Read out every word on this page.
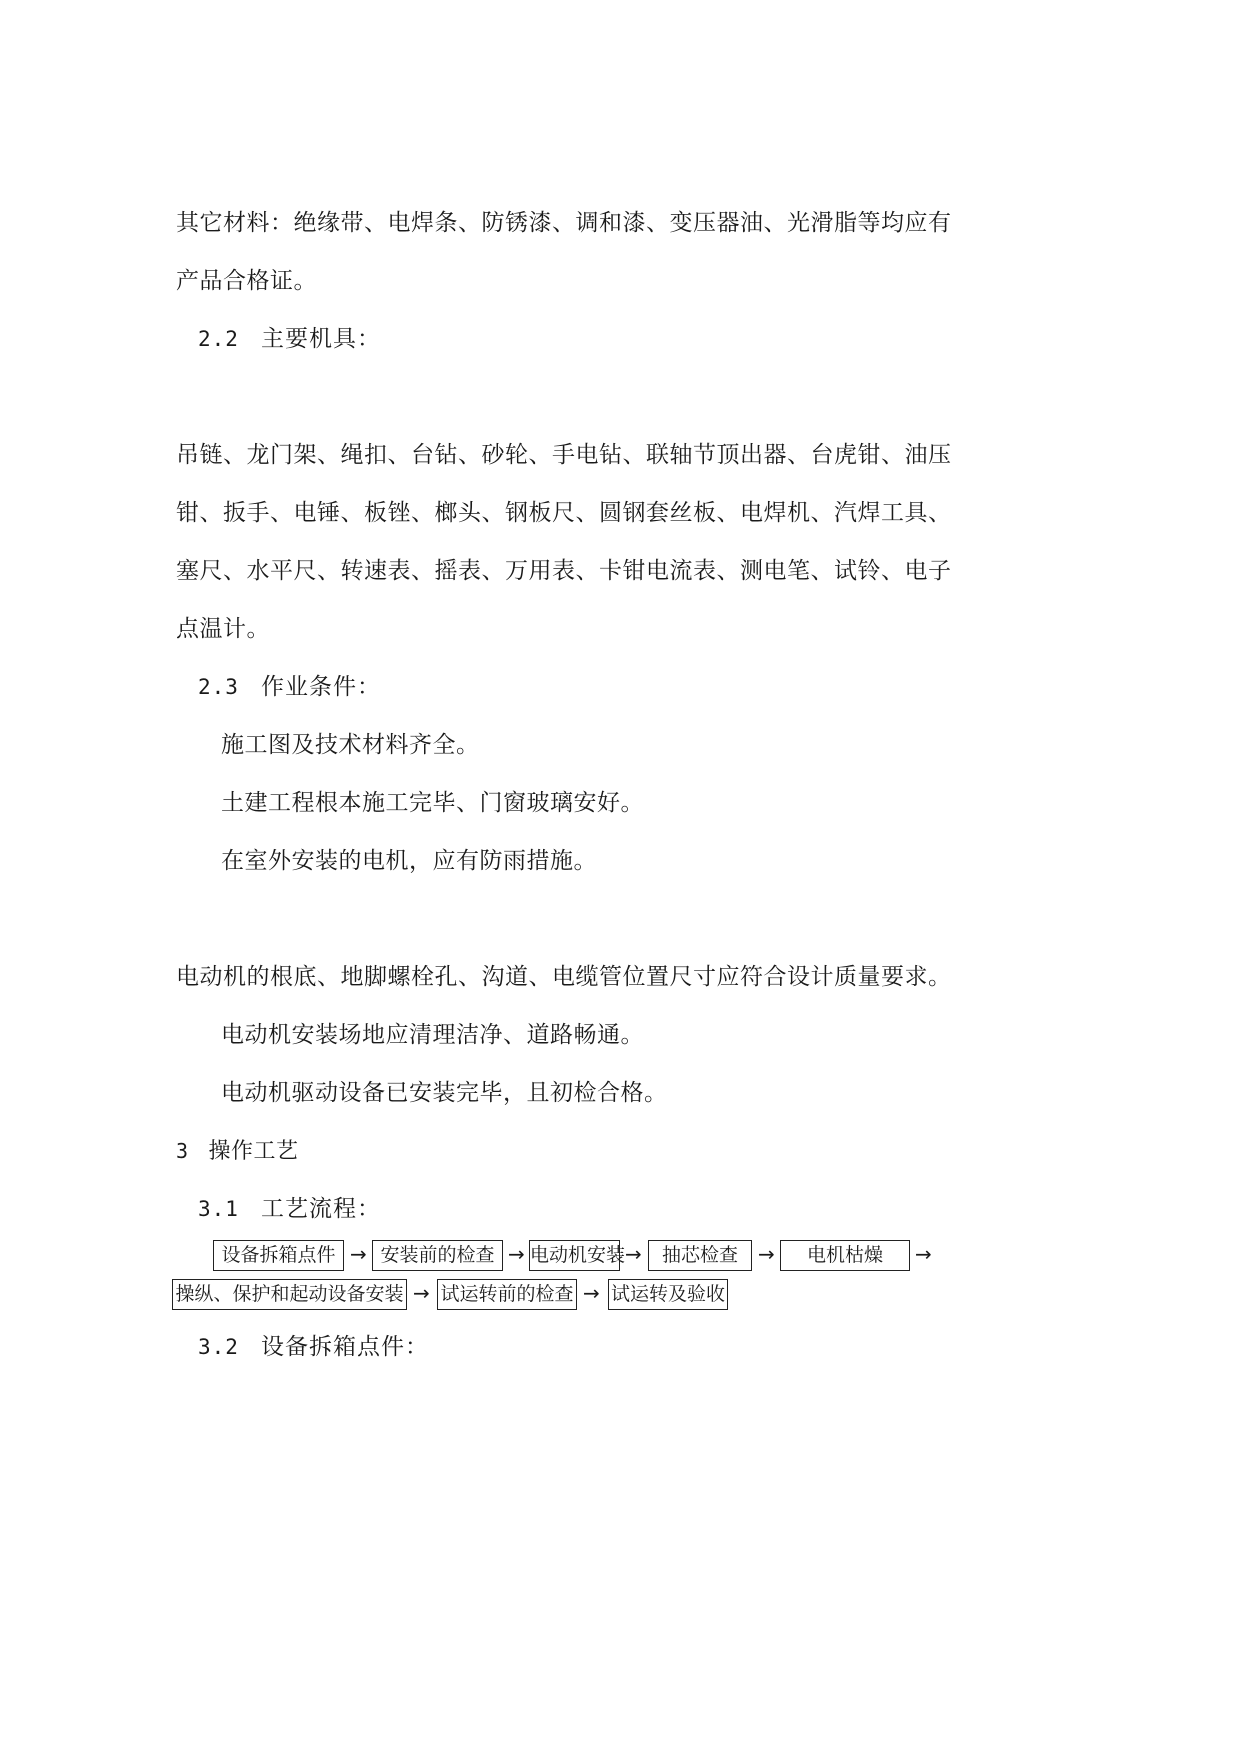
其它材料：绝缘带、电焊条、防锈漆、调和漆、变压器油、光滑脂等均应有
产品合格证。
2.2 主要机具：
吊链、龙门架、绳扣、台钻、砂轮、手电钻、联轴节顶出器、台虎钳、油压
钳、扳手、电锤、板锉、榔头、钢板尺、圆钢套丝板、电焊机、汽焊工具、
塞尺、水平尺、转速表、摇表、万用表、卡钳电流表、测电笔、试铃、电子
点温计。
2.3 作业条件：
施工图及技术材料齐全。
土建工程根本施工完毕、门窗玻璃安好。
在室外安装的电机，应有防雨措施。
电动机的根底、地脚螺栓孔、沟道、电缆管位置尺寸应符合设计质量要求。
电动机安装场地应清理洁净、道路畅通。
电动机驱动设备已安装完毕，且初检合格。
3 操作工艺
3.1 工艺流程：
设备拆箱点件 → 安装前的检查 → 电动机安装 →	抽芯检查	→	电机枯燥	→
操纵、保护和起动设备安装 → 试运转前的检查 → 试运转及验收
3.2 设备拆箱点件：
